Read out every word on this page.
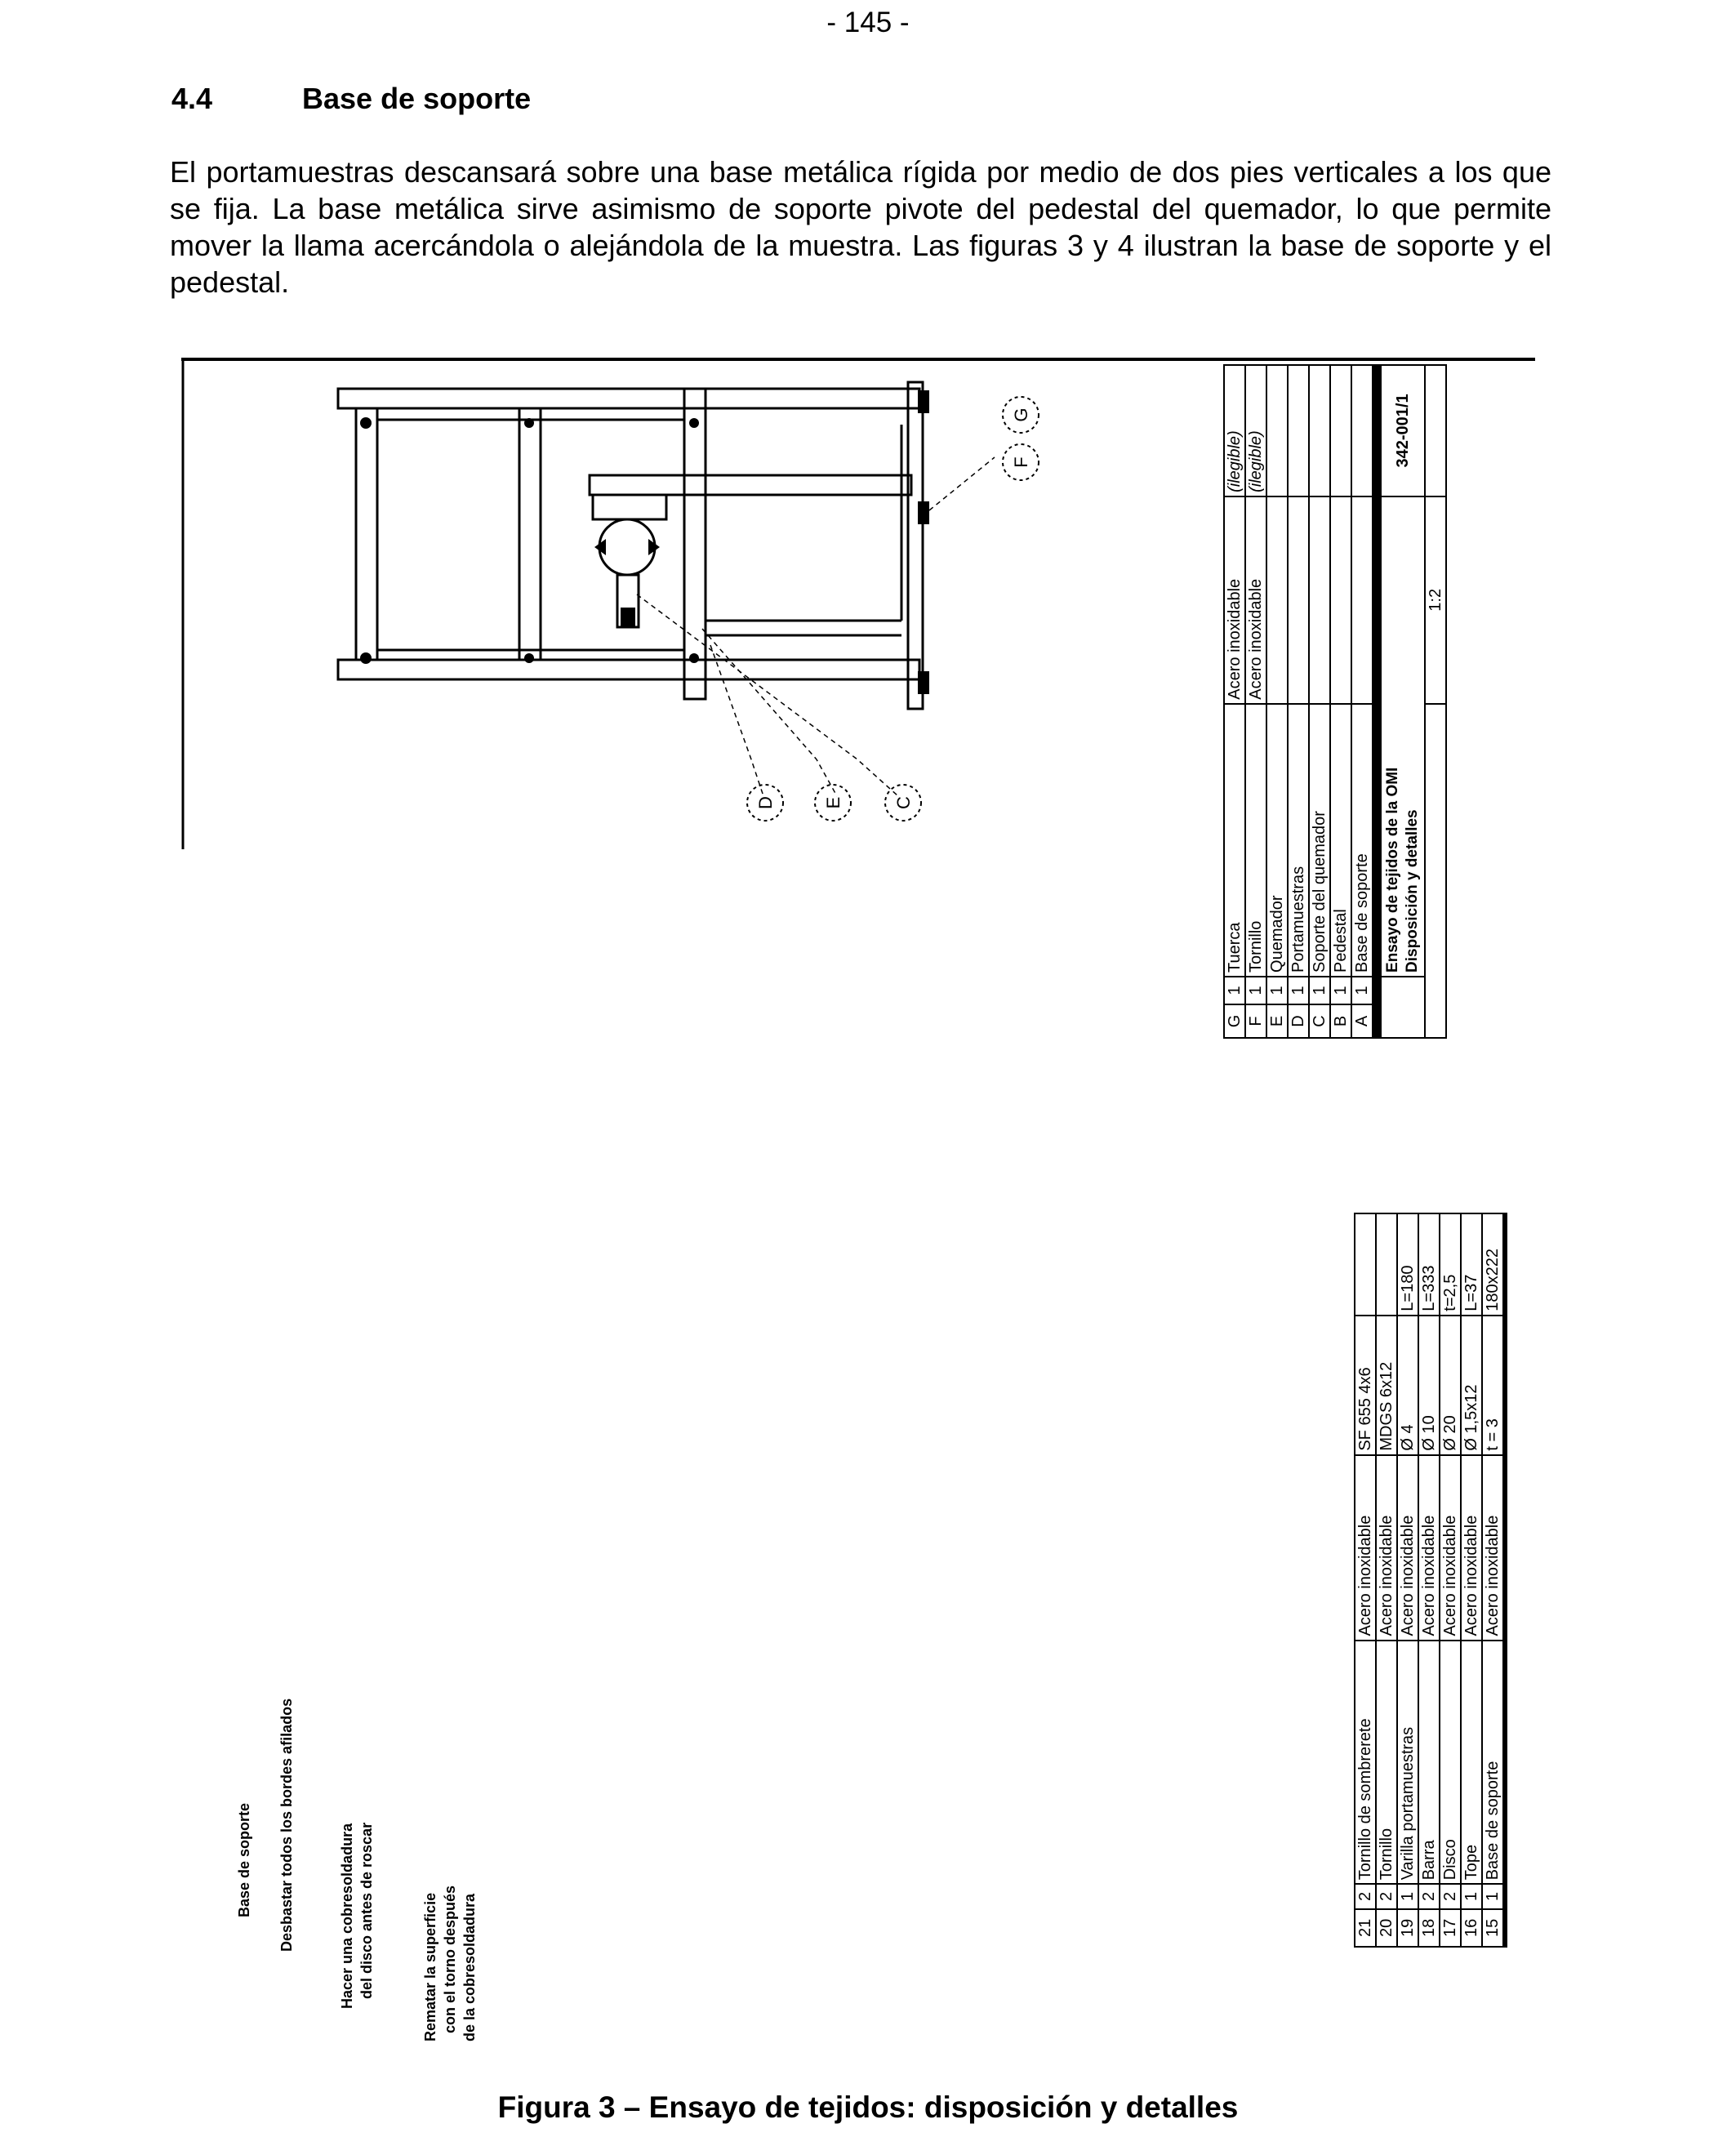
- 145 -
4.4	Base de soporte
El portamuestras descansará sobre una base metálica rígida por medio de dos pies verticales a los que se fija. La base metálica sirve asimismo de soporte pivote del pedestal del quemador, lo que permite mover la llama acercándola o alejándola de la muestra. Las figuras 3 y 4 ilustran la base de soporte y el pedestal.
G
F
D	E	C
G	1	Tuerca	Acero inoxidable	(ilegible)
F	1	Tornillo	Acero inoxidable	(ilegible)
E	1	Quemador		
D	1	Portamuestras		
C	1	Soporte del quemador		
B	1	Pedestal		
A	1	Base de soporte		

		Ensayo de tejidos de la OMI Disposición y detalles		342-001/1
			1:2	
21	2	Tornillo de sombrerete	Acero inoxidable	SF 655 4x6	
20	2	Tornillo	Acero inoxidable	MDGS 6x12	
19	1	Varilla portamuestras	Acero inoxidable	Ø 4	L=180
18	2	Barra	Acero inoxidable	Ø 10	L=333
17	2	Disco	Acero inoxidable	Ø 20	t=2,5
16	1	Tope	Acero inoxidable	Ø 1,5x12	L=37
15	1	Base de soporte	Acero inoxidable	t = 3	180x222

Base de soporte Desbastar todos los bordes afilados	Hacer una cobresoldadura del disco antes de roscar	Rematar la superficie con el torno después de la cobresoldadura
Figura 3 – Ensayo de tejidos: disposición y detalles
